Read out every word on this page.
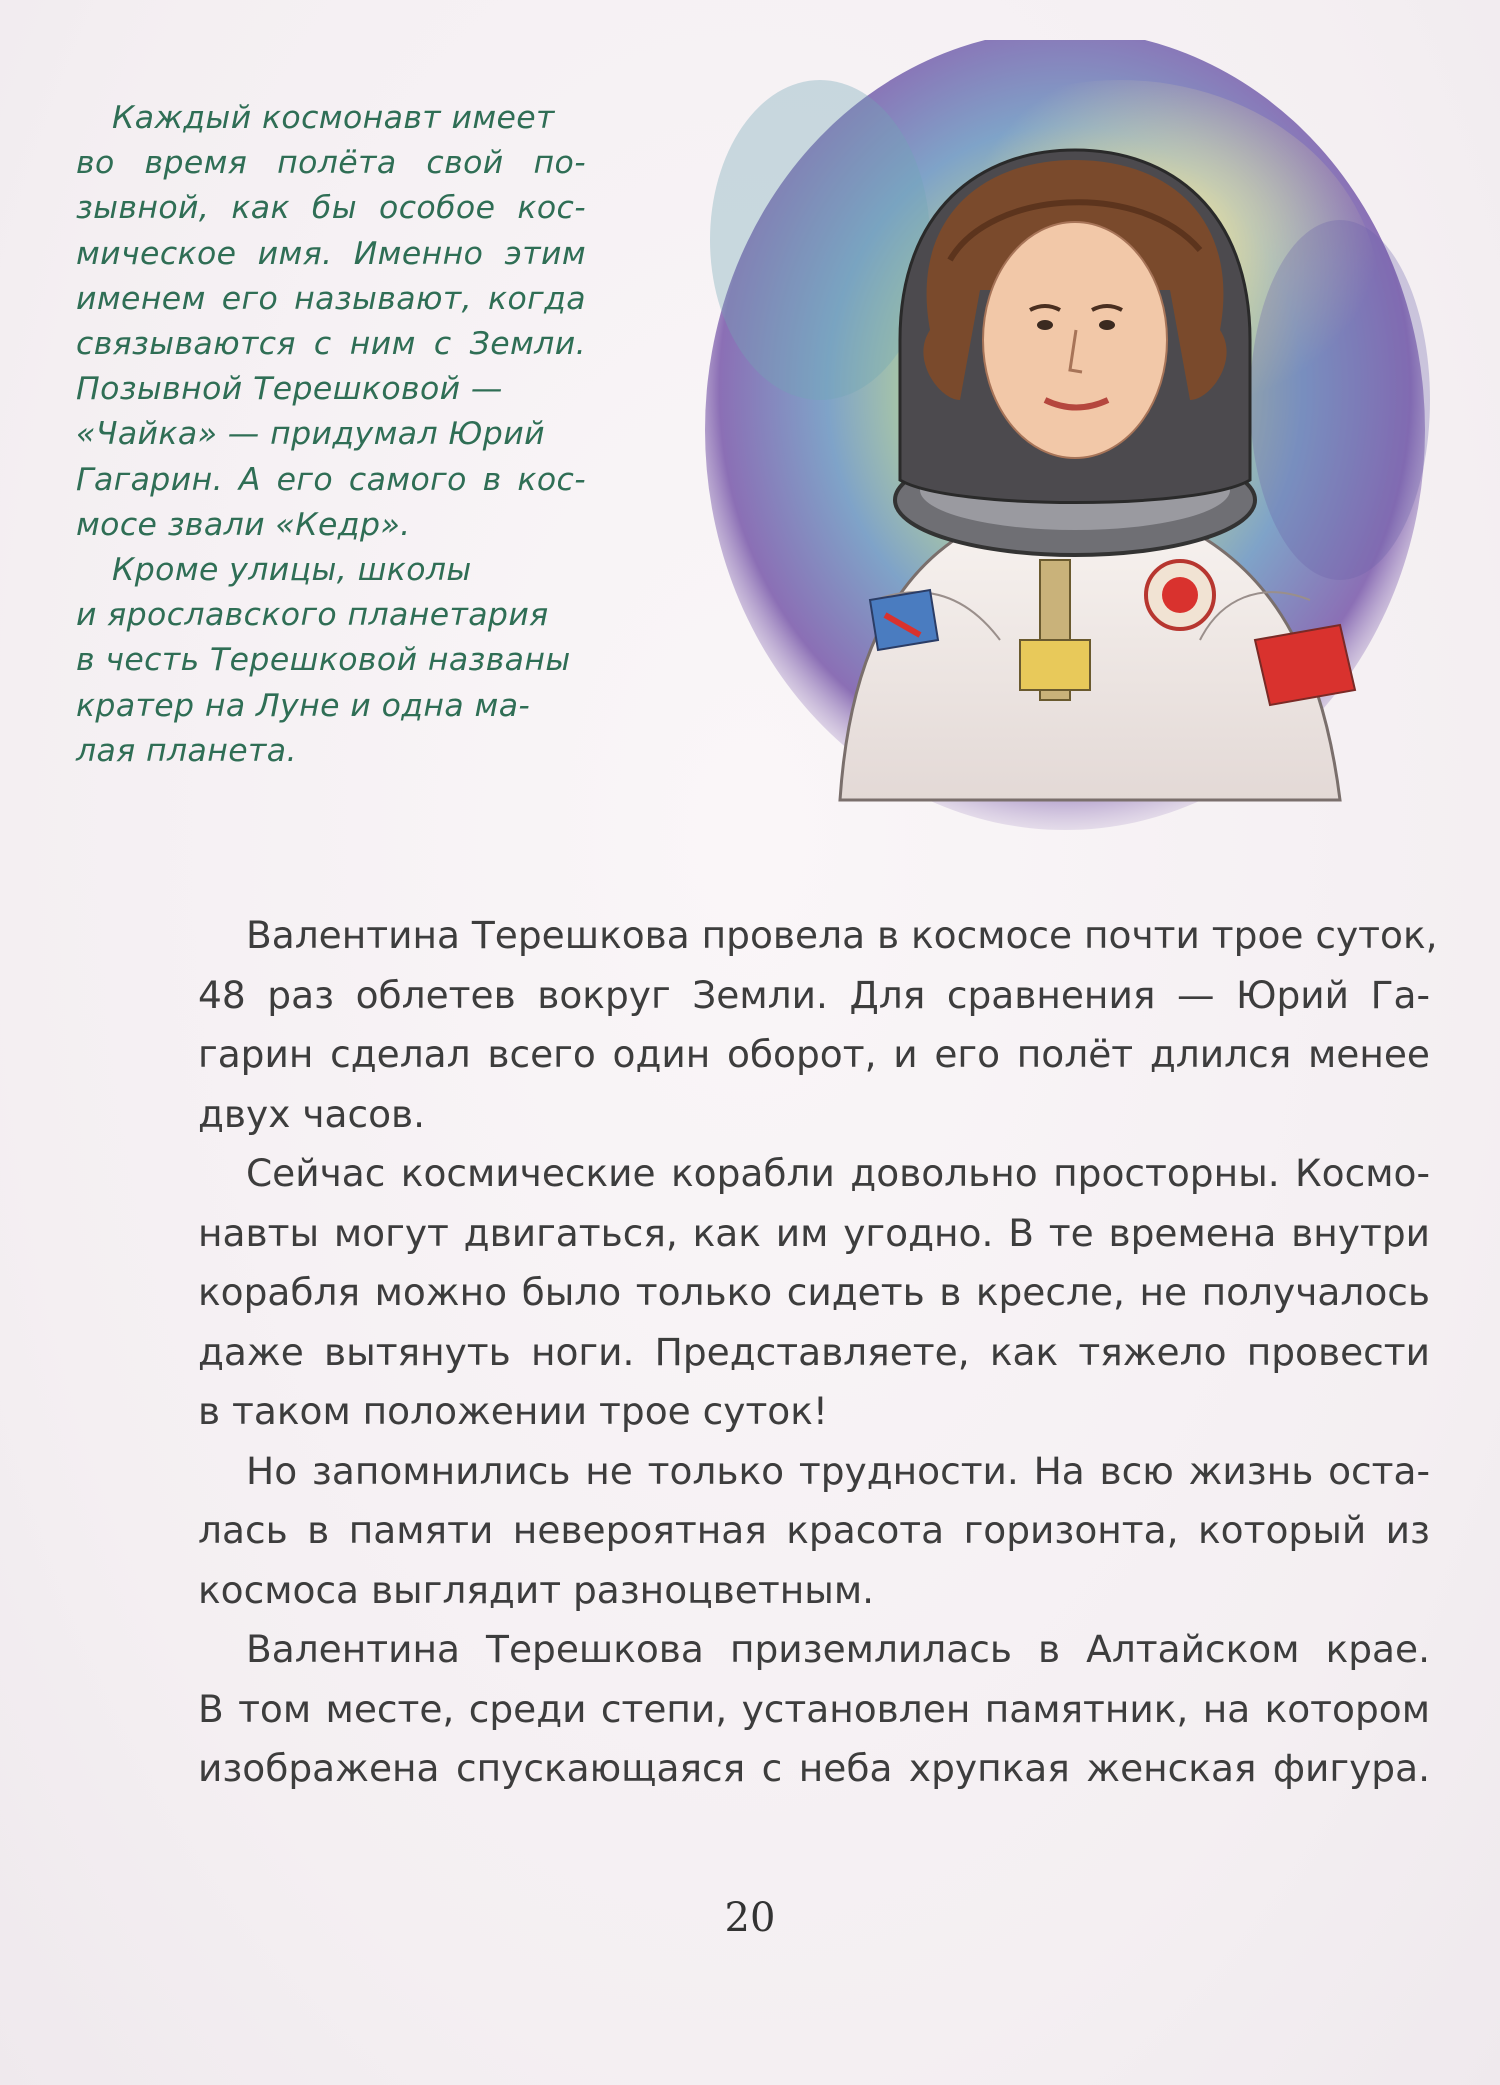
Каждый космонавт имеет
во время полёта свой по-
зывной, как бы особое кос-
мическое имя. Именно этим
именем его называют, когда
связываются с ним с Земли.
Позывной Терешковой —
«Чайка» — придумал Юрий
Гагарин. А его самого в кос-
мосе звали «Кедр».
Кроме улицы, школы
и ярославского планетария
в честь Терешковой названы
кратер на Луне и одна ма-
лая планета.
Валентина Терешкова провела в космосе почти трое суток,
48 раз облетев вокруг Земли. Для сравнения — Юрий Га-
гарин сделал всего один оборот, и его полёт длился менее
двух часов.
Сейчас космические корабли довольно просторны. Космо-
навты могут двигаться, как им угодно. В те времена внутри
корабля можно было только сидеть в кресле, не получалось
даже вытянуть ноги. Представляете, как тяжело провести
в таком положении трое суток!
Но запомнились не только трудности. На всю жизнь оста-
лась в памяти невероятная красота горизонта, который из
космоса выглядит разноцветным.
Валентина Терешкова приземлилась в Алтайском крае.
В том месте, среди степи, установлен памятник, на котором
изображена спускающаяся с неба хрупкая женская фигура.
20
